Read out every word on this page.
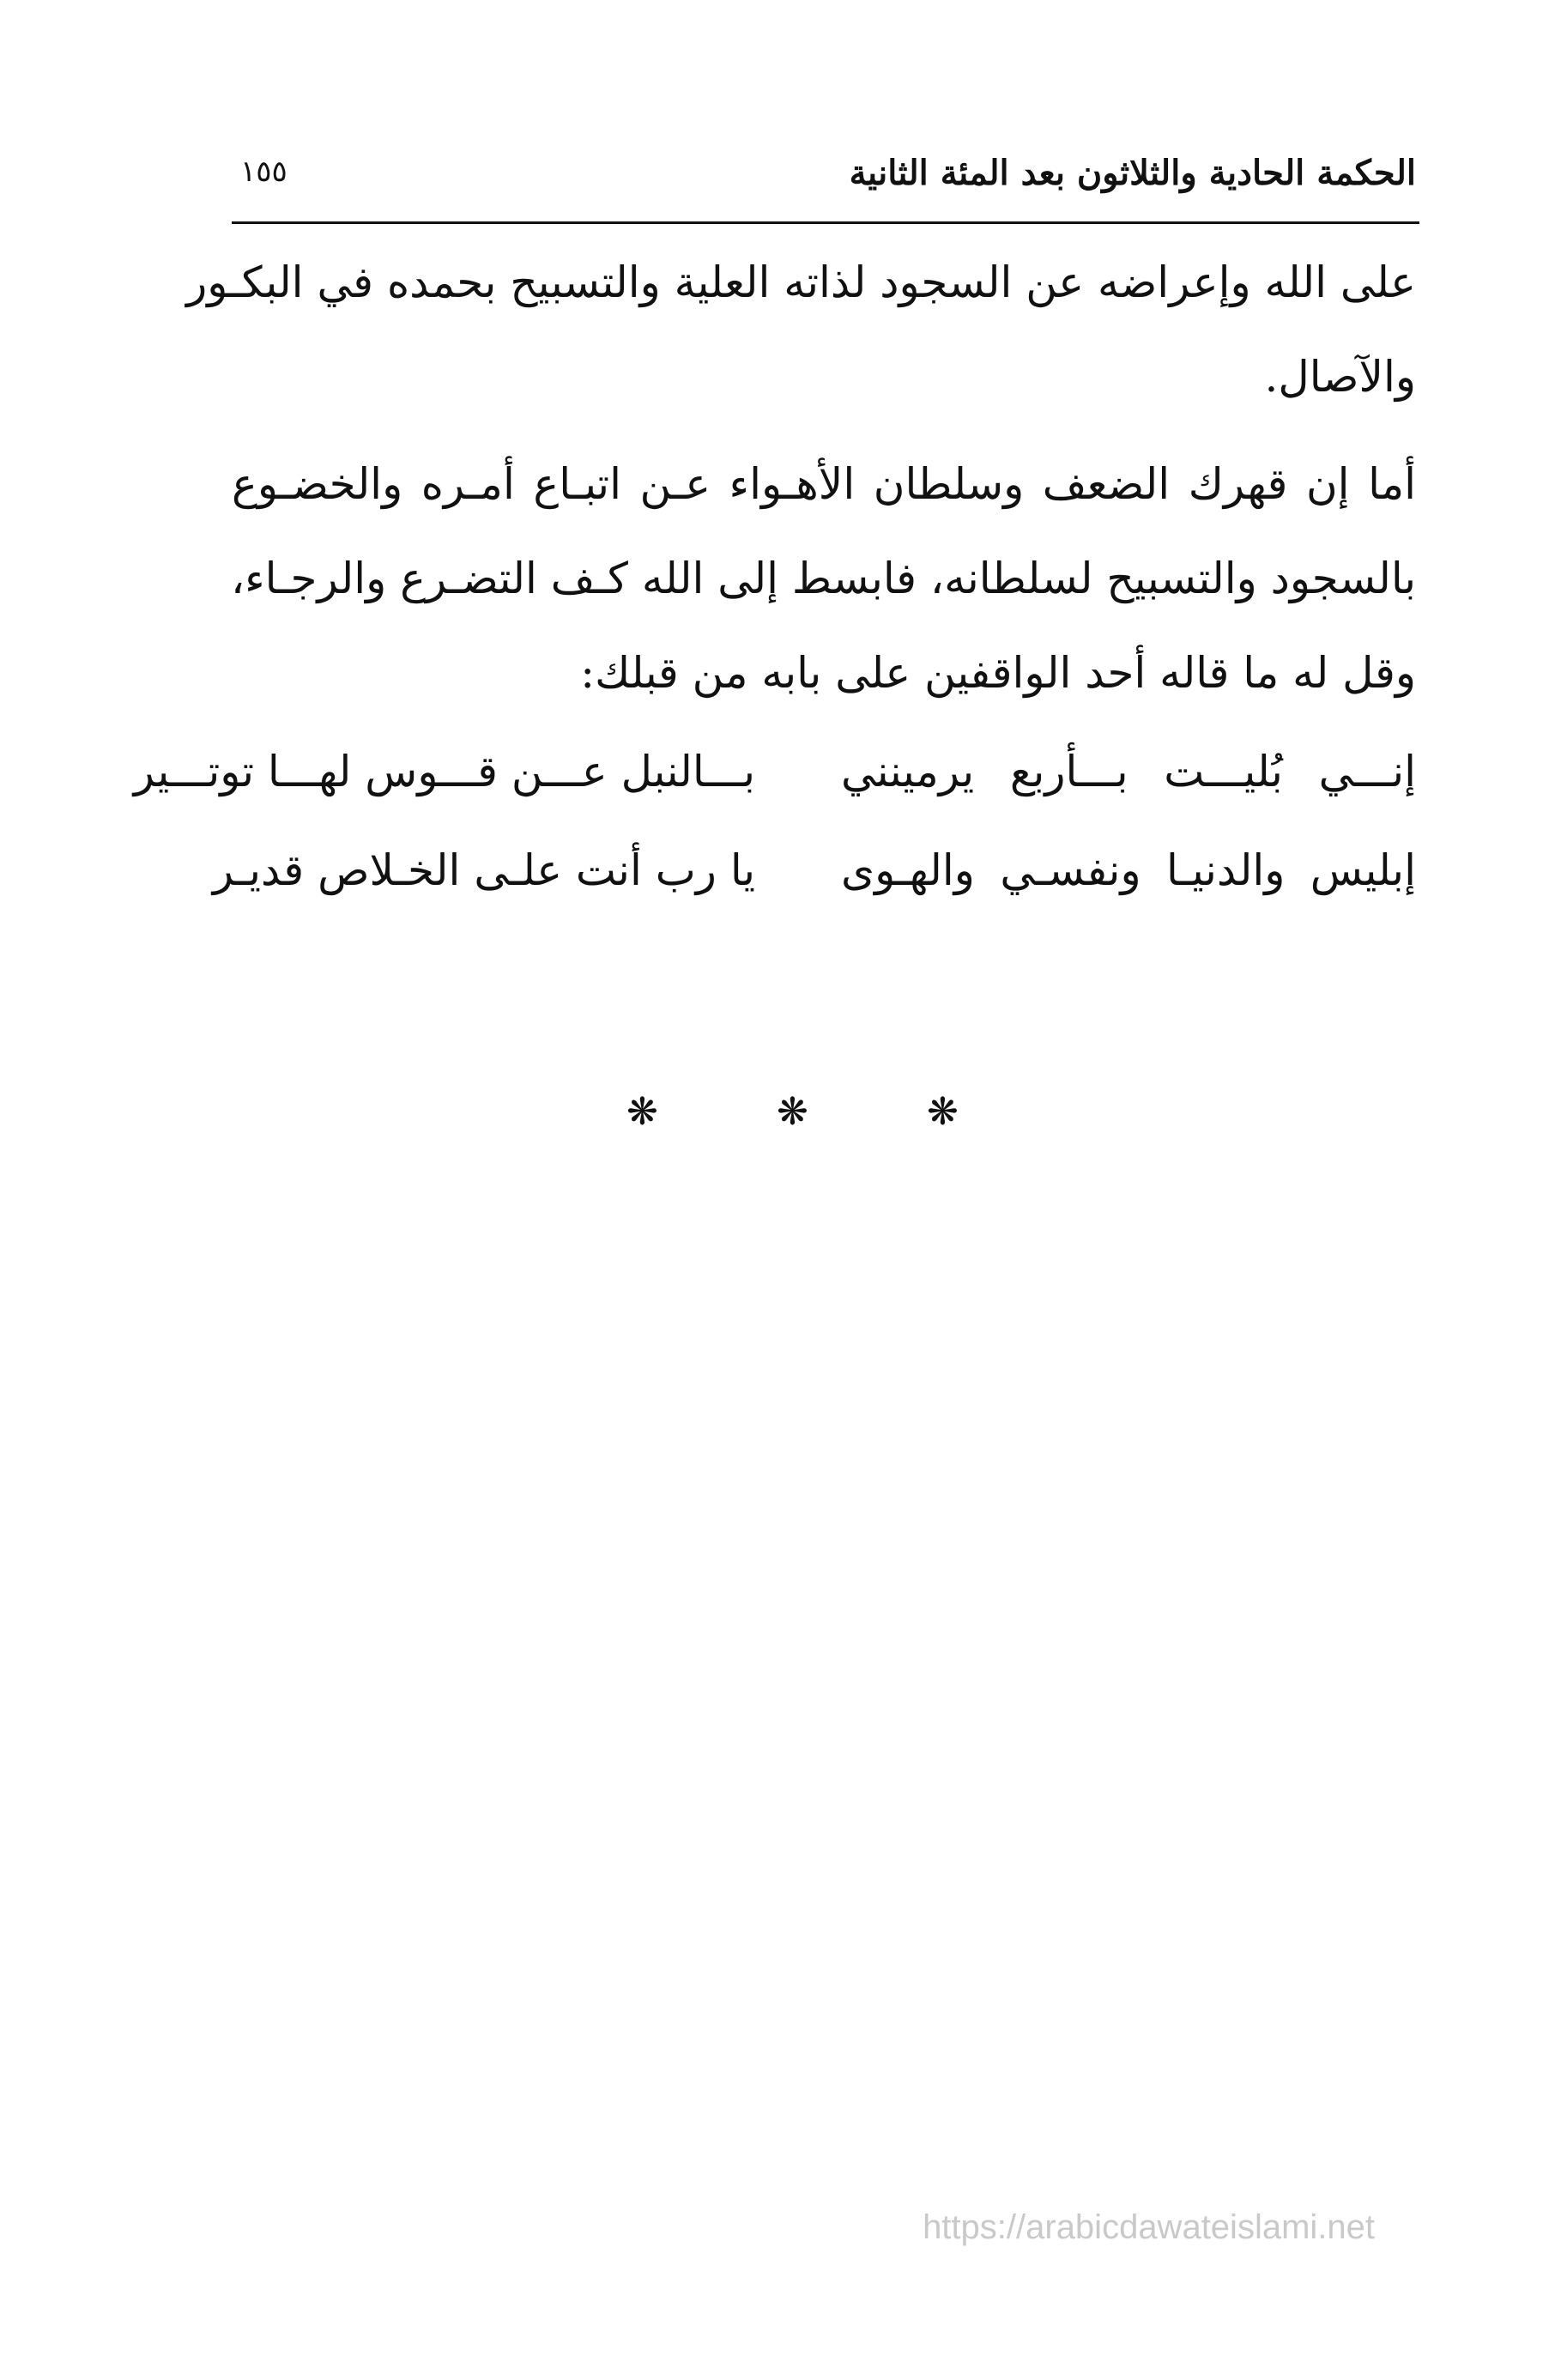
الحكمة الحادية والثلاثون بعد المئة الثانية
١٥٥
على الله وإعراضه عن السجود لذاته العلية والتسبيح بحمده في البكـور
والآصال.
أما إن قهرك الضعف وسلطان الأهـواء عـن اتبـاع أمـره والخضـوع
بالسجود والتسبيح لسلطانه، فابسط إلى الله كـف التضـرع والرجـاء،
وقل له ما قاله أحد الواقفين على بابه من قبلك:
إنـــي بُليـــت بـــأربع يرمينني
بـــالنبل عـــن قـــوس لهـــا توتـــير
إبليس والدنيـا ونفسـي والهـوى
يا رب أنت علـى الخـلاص قديـر
❋	❋	❋
https://arabicdawateislami.net
